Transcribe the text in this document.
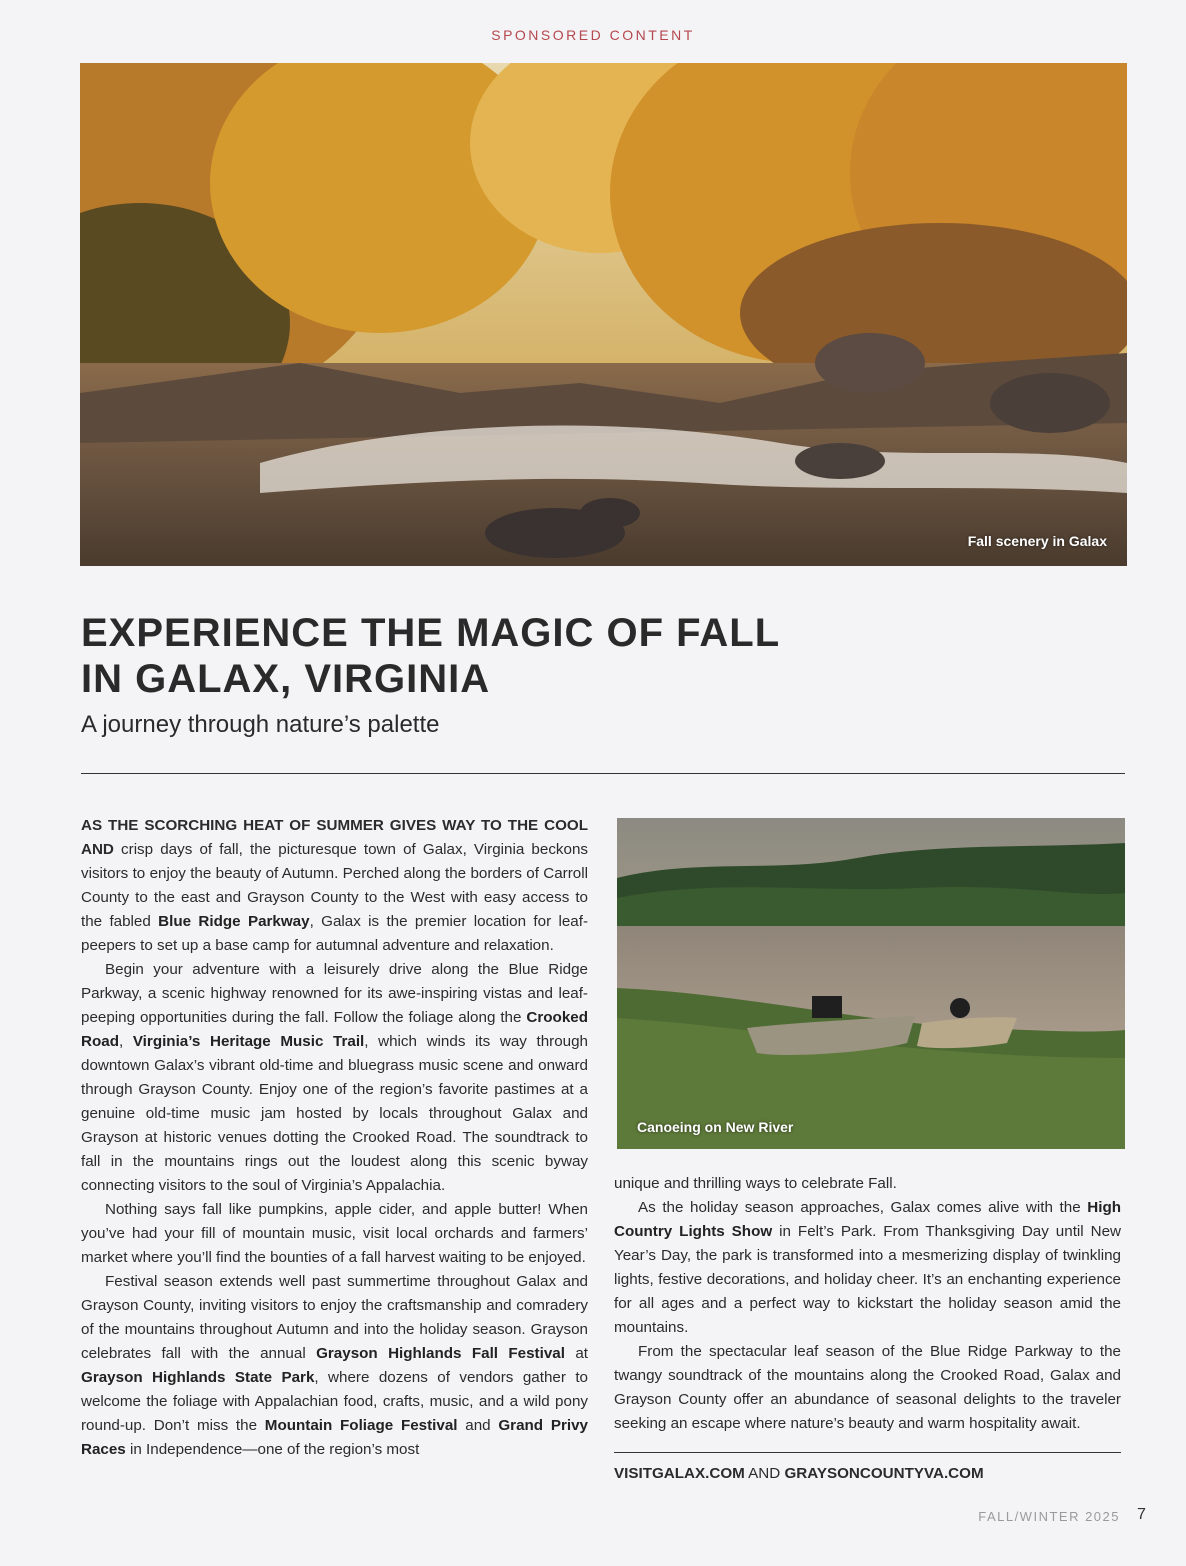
SPONSORED CONTENT
Fall scenery in Galax
EXPERIENCE THE MAGIC OF FALL
IN GALAX, VIRGINIA
A journey through nature’s palette

AS THE SCORCHING HEAT OF SUMMER GIVES WAY TO THE COOL AND crisp days of fall, the picturesque town of Galax, Virginia beckons visitors to enjoy the beauty of Autumn. Perched along the borders of Carroll County to the east and Grayson County to the West with easy access to the fabled Blue Ridge Parkway, Galax is the premier location for leaf-peepers to set up a base camp for autumnal adventure and relaxation.

Begin your adventure with a leisurely drive along the Blue Ridge Parkway, a scenic highway renowned for its awe-inspiring vistas and leaf-peeping opportunities during the fall. Follow the foliage along the Crooked Road, Virginia’s Heritage Music Trail, which winds its way through downtown Galax’s vibrant old-time and bluegrass music scene and onward through Grayson County. Enjoy one of the region’s favorite pastimes at a genuine old-time music jam hosted by locals throughout Galax and Grayson at historic venues dotting the Crooked Road. The soundtrack to fall in the mountains rings out the loudest along this scenic byway connecting visitors to the soul of Virginia’s Appalachia.

Nothing says fall like pumpkins, apple cider, and apple butter! When you’ve had your fill of mountain music, visit local orchards and farmers’ market where you’ll find the bounties of a fall harvest waiting to be enjoyed.

Festival season extends well past summertime throughout Galax and Grayson County, inviting visitors to enjoy the craftsmanship and comradery of the mountains throughout Autumn and into the holiday season. Grayson celebrates fall with the annual Grayson Highlands Fall Festival at Grayson Highlands State Park, where dozens of vendors gather to welcome the foliage with Appalachian food, crafts, music, and a wild pony round-up. Don’t miss the Mountain Foliage Festival and Grand Privy Races in Independence—one of the region’s most

Canoeing on New River

unique and thrilling ways to celebrate Fall.

As the holiday season approaches, Galax comes alive with the High Country Lights Show in Felt’s Park. From Thanksgiving Day until New Year’s Day, the park is transformed into a mesmerizing display of twinkling lights, festive decorations, and holiday cheer. It’s an enchanting experience for all ages and a perfect way to kickstart the holiday season amid the mountains.

From the spectacular leaf season of the Blue Ridge Parkway to the twangy soundtrack of the mountains along the Crooked Road, Galax and Grayson County offer an abundance of seasonal delights to the traveler seeking an escape where nature’s beauty and warm hospitality await.

VISITGALAX.COM AND GRAYSONCOUNTYVA.COM
FALL/WINTER 2025 7
